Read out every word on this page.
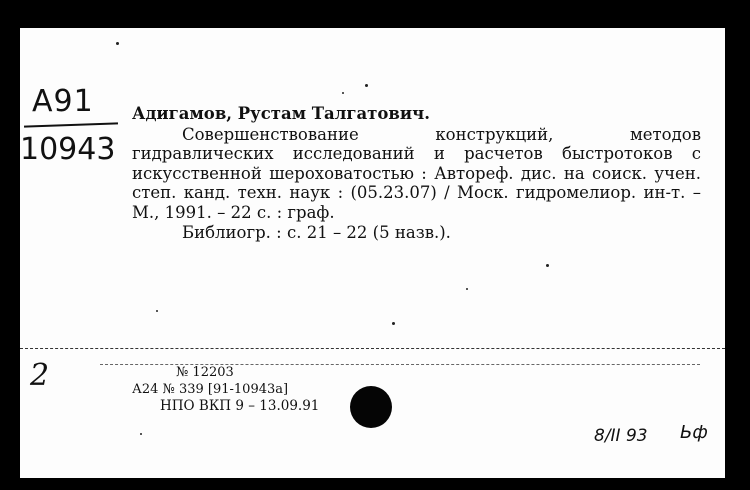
A91
10943
Адигамов, Рустам Талгатович.
Совершенствование конструкций, методов гидравлических исследований и расчетов быстротоков с искусственной шероховатостью : Автореф. дис. на соиск. учен. степ. канд. техн. наук : (05.23.07) / Моск. гидромелиор. ин-т. – М., 1991. – 22 с. : граф.
Библиогр. : с. 21 – 22 (5 назв.).
2	№ 12203
А24 № 339 [91-10943а]
НПО ВКП 9 – 13.09.91
8/II 93 Ьф
